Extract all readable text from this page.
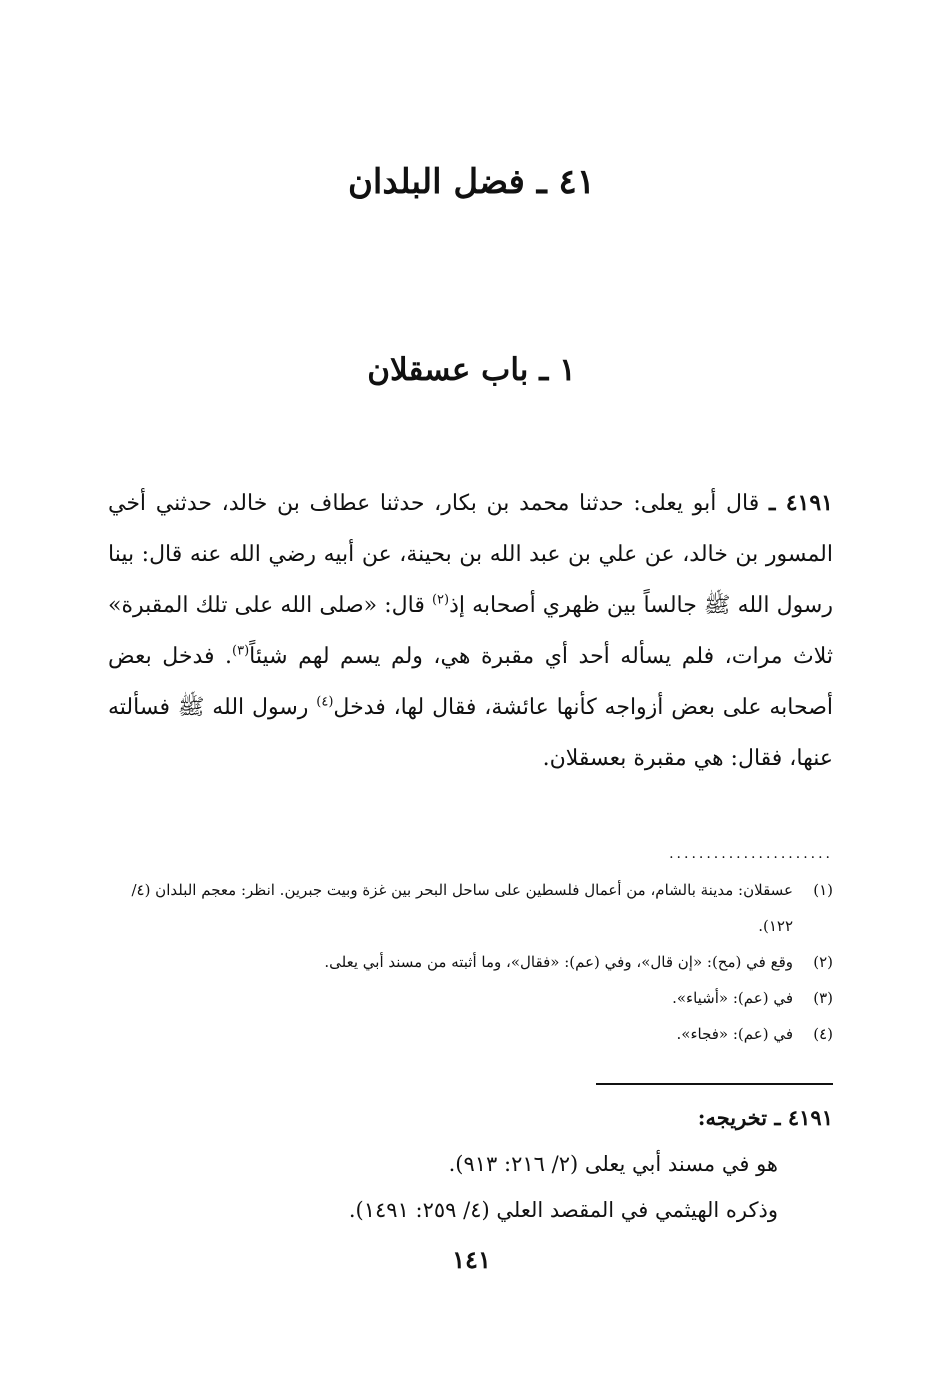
٤١ ـ فضل البلدان
١ ـ باب عسقلان

٤١٩١ ـ قال أبو يعلى: حدثنا محمد بن بكار، حدثنا عطاف بن خالد، حدثني أخي المسور بن خالد، عن علي بن عبد الله بن بحينة، عن أبيه رضي الله عنه قال: بينا رسول الله ﷺ جالساً بين ظهري أصحابه إذ$^{(٢)}$ قال: «صلى الله على تلك المقبرة» ثلاث مرات، فلم يسأله أحد أي مقبرة هي، ولم يسم لهم شيئاً$^{(٣)}$. فدخل بعض أصحابه على بعض أزواجه كأنها عائشة، فقال لها، فدخل$^{(٤)}$ رسول الله ﷺ فسألته عنها، فقال: هي مقبرة بعسقلان.

......................
(١)
عسقلان: مدينة بالشام، من أعمال فلسطين على ساحل البحر بين غزة وبيت جبرين. انظر: معجم البلدان (٤/ ١٢٢).
(٢)
وقع في (مح): «إن قال»، وفي (عم): «فقال»، وما أثبته من مسند أبي يعلى.
(٣)
في (عم): «أشياء».
(٤)
في (عم): «فجاء».
٤١٩١ ـ تخريجه:
هو في مسند أبي يعلى (٢/ ٢١٦: ٩١٣).
وذكره الهيثمي في المقصد العلي (٤/ ٢٥٩: ١٤٩١).
١٤١
